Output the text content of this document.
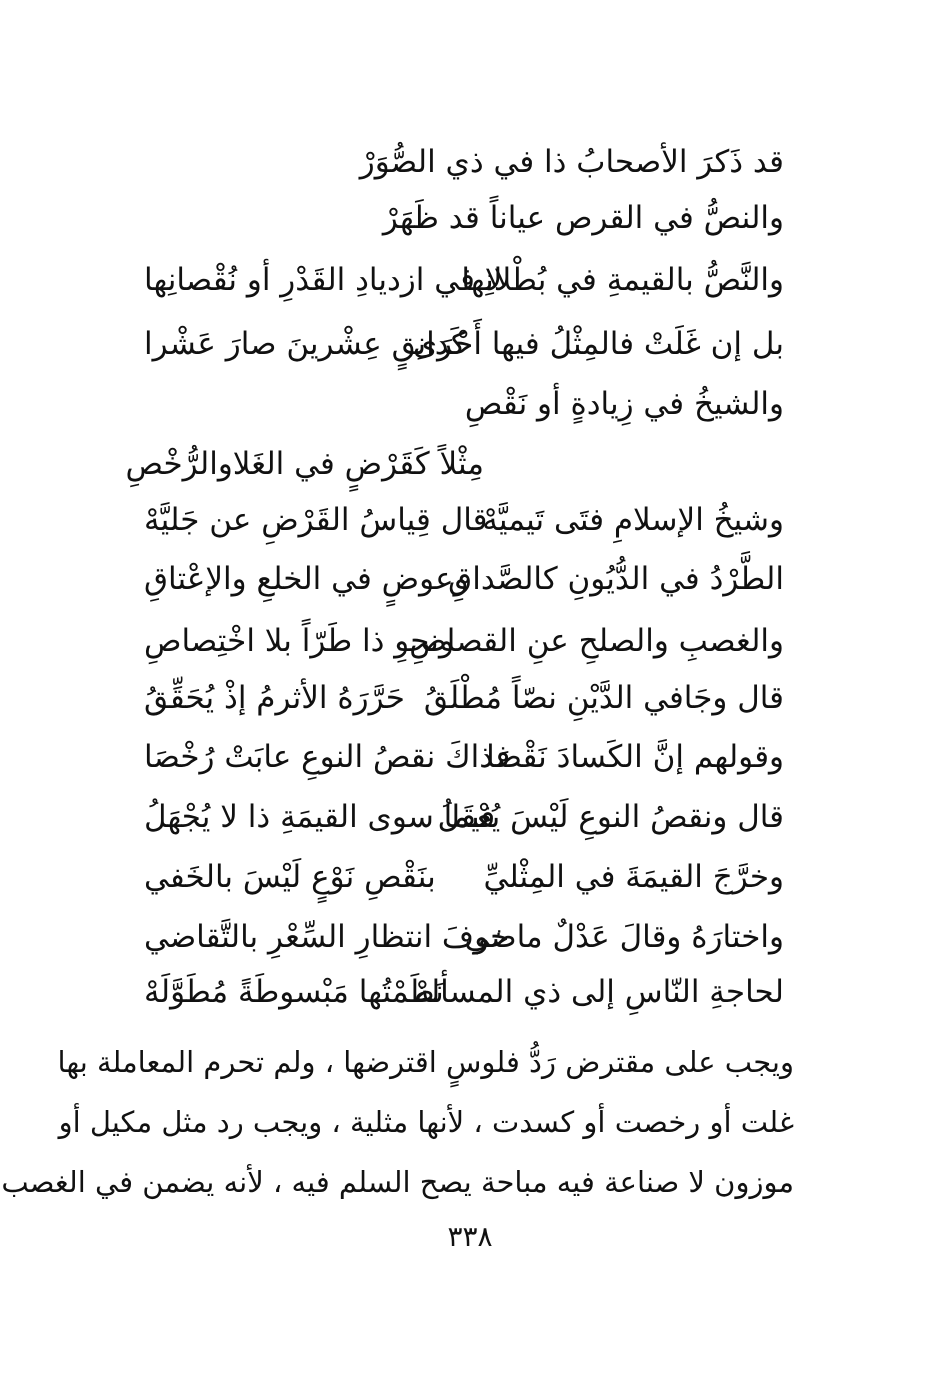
قد ذَكرَ الأصحابُ ذا في ذي الصُّوَرْ
والنصُّ في القرص عياناً قد ظَهَرْ
والنَّصُّ بالقيمةِ في بُطْلانِها
لا في ازديادِ القَدْرِ أو نُقْصانِها
بل إن غَلَتْ فالمِثْلُ فيها أَحْرَى
كَدانِقٍ عِشْرينَ صارَ عَشْرا
والشيخُ في زِيادةٍ أو نَقْصِ
مِثْلاً كَقَرْضٍ في الغَلاوالرُّخْصِ
وشيخُ الإسلامِ فتَى تَيميَّهْ
قال قِياسُ القَرْضِ عن جَليَّهْ
الطَّرْدُ في الدُّيُونِ كالصَّداقِ
وعوضٍ في الخلعِ والإعْتاقِ
والغصبِ والصلحِ عنِ القصاصِ
ونحوِ ذا طَرّاً بلا اخْتِصاصِ
قال وجَافي الدَّيْنِ نصّاً مُطْلَقُ
حَرَّرَهُ الأثرمُ إذْ يُحَقِّقُ
وقولهم إنَّ الكَسادَ نَقْصَا
فذاكَ نقصُ النوعِ عابَتْ رُخْصَا
قال ونقصُ النوعِ لَيْسَ يُعْقَلُ
فيما سوى القيمَةِ ذا لا يُجْهَلُ
وخرَّجَ القيمَةَ في المِثْليِّ
بنَقْصِ نَوْعٍ لَيْسَ بالخَفي
واختارَهُ وقالَ عَدْلٌ ماضي
خوفَ انتظارِ السِّعْرِ بالتَّقاضي
لحاجةِ النّاسِ إلى ذي المسألهْ
نَظَمْتُها مَبْسوطَةً مُطَوَّلَهْ
ويجب على مقترض رَدُّ فلوسٍ اقترضها ، ولم تحرم المعاملة بها
غلت أو رخصت أو كسدت ، لأنها مثلية ، ويجب رد مثل مكيل أو
موزون لا صناعة فيه مباحة يصح السلم فيه ، لأنه يضمن في الغصب
٣٣٨
